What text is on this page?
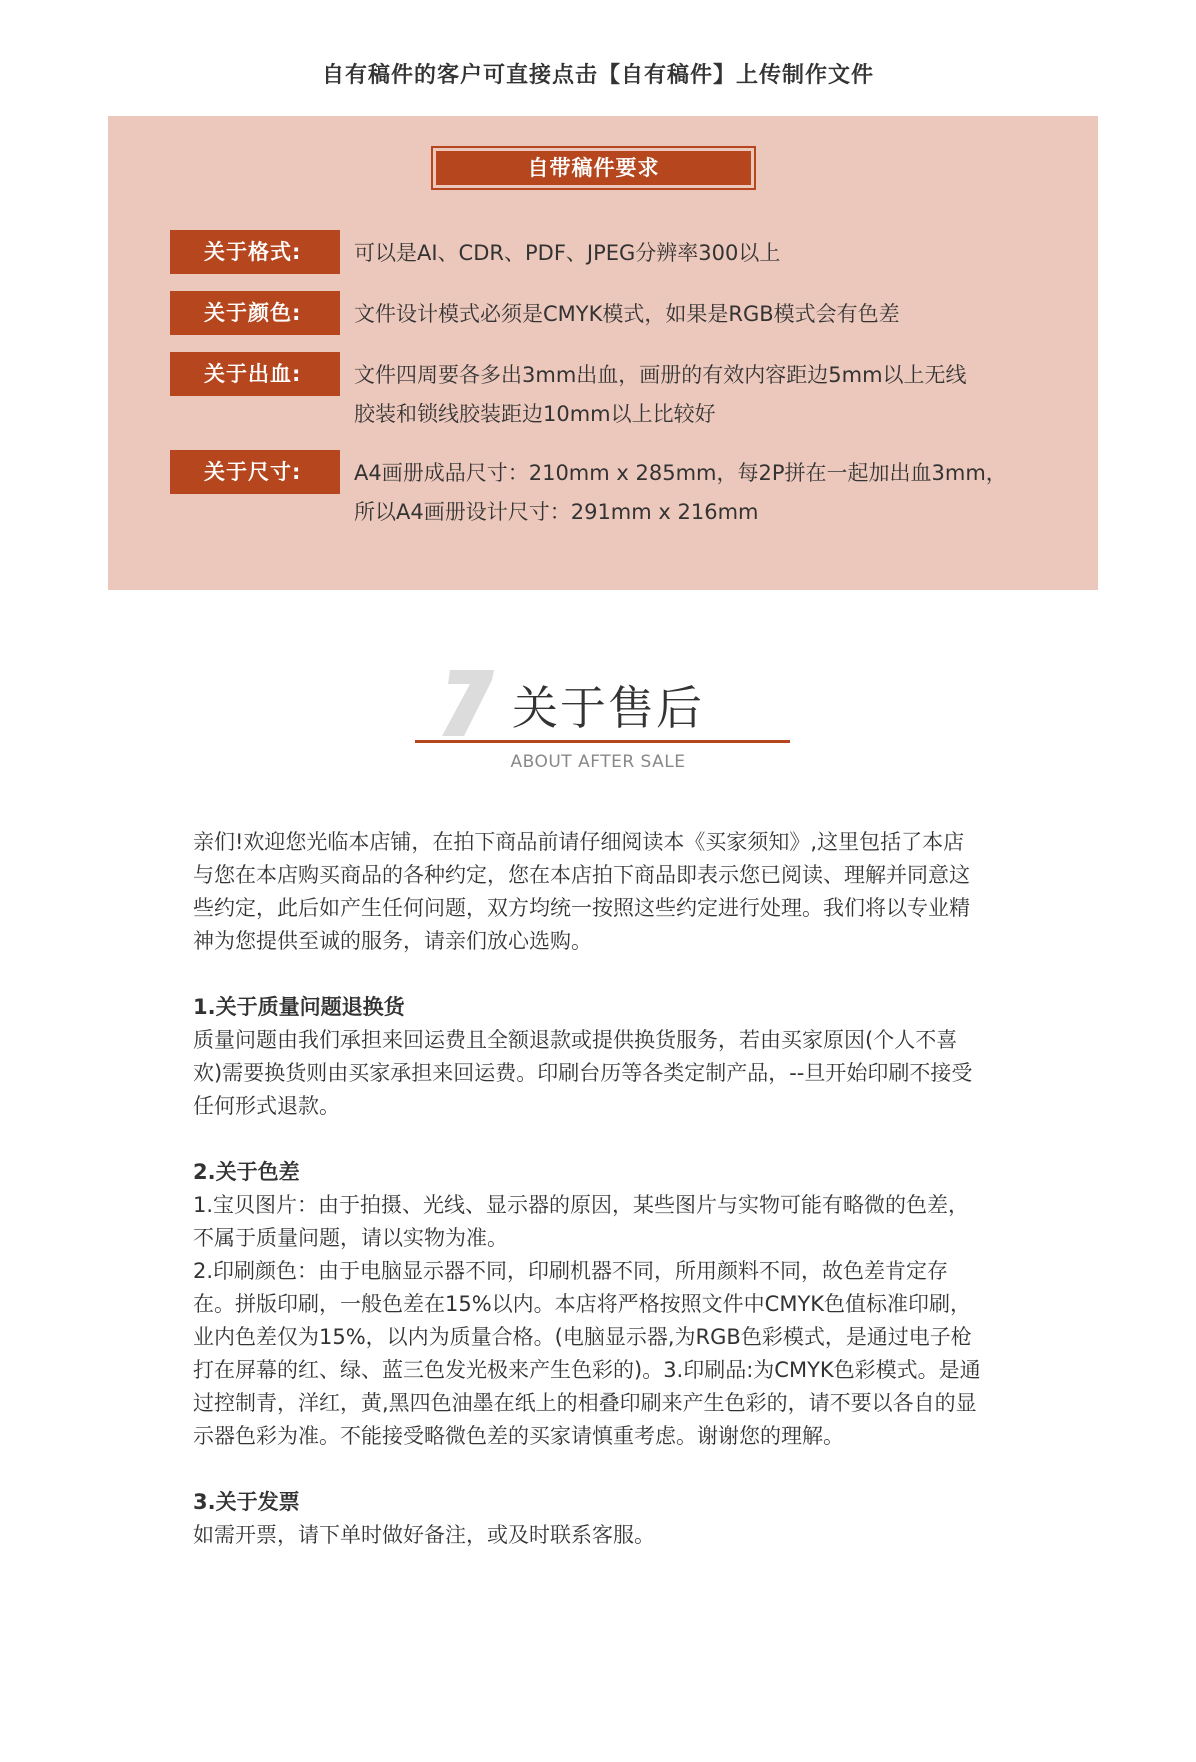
自有稿件的客户可直接点击【自有稿件】上传制作文件
自带稿件要求
关于格式:	可以是AI、CDR、PDF、JPEG分辨率300以上
关于颜色:	文件设计模式必须是CMYK模式，如果是RGB模式会有色差
关于出血:	文件四周要各多出3mm出血，画册的有效内容距边5mm以上无线
胶装和锁线胶装距边10mm以上比较好
关于尺寸:	A4画册成品尺寸：210mm x 285mm，每2P拼在一起加出血3mm，
所以A4画册设计尺寸：291mm x 216mm
关于售后
ABOUT AFTER SALE

亲们!欢迎您光临本店铺，在拍下商品前请仔细阅读本《买家须知》,这里包括了本店

与您在本店购买商品的各种约定，您在本店拍下商品即表示您已阅读、理解并同意这

些约定，此后如产生任何问题，双方均统一按照这些约定进行处理。我们将以专业精

神为您提供至诚的服务，请亲们放心选购。

1.关于质量问题退换货

质量问题由我们承担来回运费且全额退款或提供换货服务，若由买家原因(个人不喜

欢)需要换货则由买家承担来回运费。印刷台历等各类定制产品，--旦开始印刷不接受

任何形式退款。

2.关于色差

1.宝贝图片：由于拍摄、光线、显示器的原因，某些图片与实物可能有略微的色差，

不属于质量问题，请以实物为准。

2.印刷颜色：由于电脑显示器不同，印刷机器不同，所用颜料不同，故色差肯定存

在。拼版印刷，一般色差在15%以内。本店将严格按照文件中CMYK色值标准印刷，

业内色差仅为15%，以内为质量合格。(电脑显示器,为RGB色彩模式，是通过电子枪

打在屏幕的红、绿、蓝三色发光极来产生色彩的)。3.印刷品:为CMYK色彩模式。是通

过控制青，洋红，黄,黑四色油墨在纸上的相叠印刷来产生色彩的，请不要以各自的显

示器色彩为准。不能接受略微色差的买家请慎重考虑。谢谢您的理解。

3.关于发票

如需开票，请下单时做好备注，或及时联系客服。
